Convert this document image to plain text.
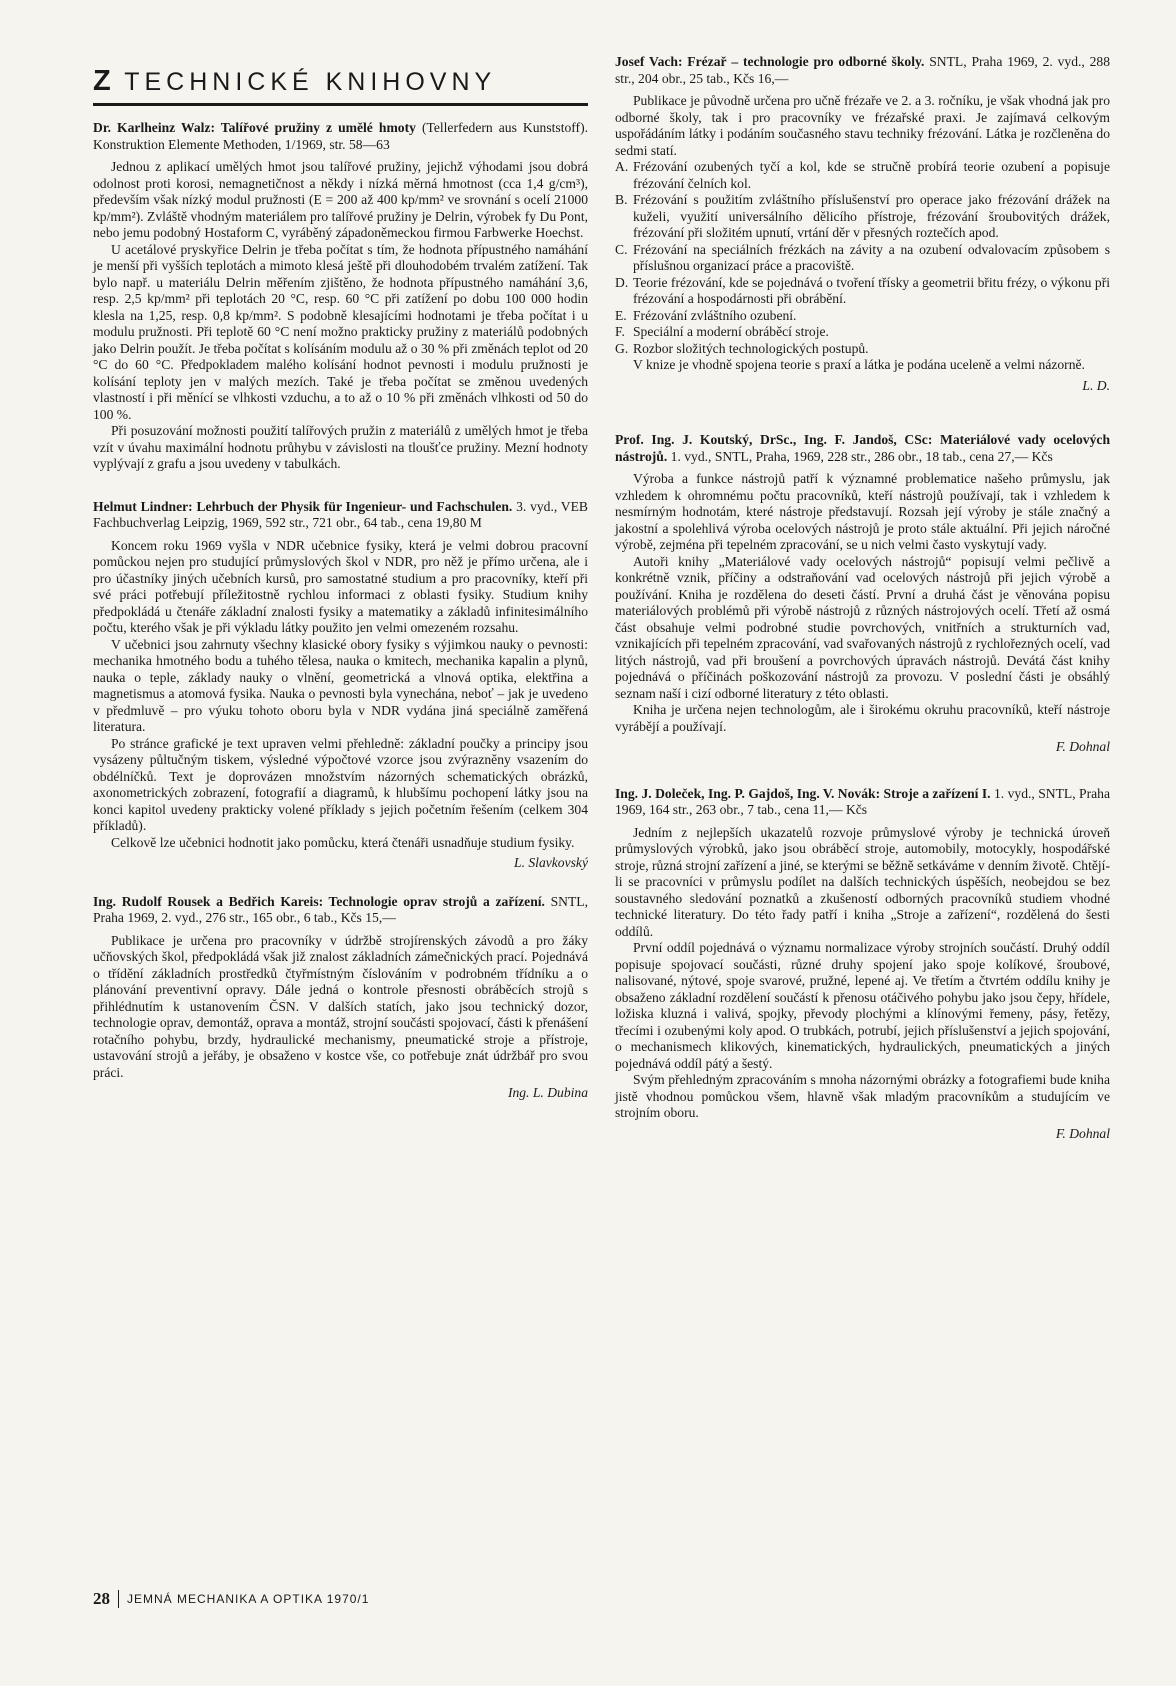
Z TECHNICKÉ KNIHOVNY
Dr. Karlheinz Walz: Talířové pružiny z umělé hmoty (Tellerfedern aus Kunststoff). Konstruktion Elemente Methoden, 1/1969, str. 58—63

Jednou z aplikací umělých hmot jsou talířové pružiny, jejichž výhodami jsou dobrá odolnost proti korosi, nemagnetičnost a někdy i nízká měrná hmotnost (cca 1,4 g/cm³), především však nízký modul pružnosti (E = 200 až 400 kp/mm² ve srovnání s ocelí 21000 kp/mm²). Zvláště vhodným materiálem pro talířové pružiny je Delrin, výrobek fy Du Pont, nebo jemu podobný Hostaform C, vyráběný západoněmeckou firmou Farbwerke Hoechst.

U acetálové pryskyřice Delrin je třeba počítat s tím, že hodnota přípustného namáhání je menší při vyšších teplotách a mimoto klesá ještě při dlouhodobém trvalém zatížení. Tak bylo např. u materiálu Delrin měřením zjištěno, že hodnota přípustného namáhání 3,6, resp. 2,5 kp/mm² při teplotách 20 °C, resp. 60 °C při zatížení po dobu 100 000 hodin klesla na 1,25, resp. 0,8 kp/mm². S podobně klesajícími hodnotami je třeba počítat i u modulu pružnosti. Při teplotě 60 °C není možno prakticky pružiny z materiálů podobných jako Delrin použít. Je třeba počítat s kolísáním modulu až o 30 % při změnách teplot od 20 °C do 60 °C. Předpokladem malého kolísání hodnot pevnosti i modulu pružnosti je kolísání teploty jen v malých mezích. Také je třeba počítat se změnou uvedených vlastností i při měnící se vlhkosti vzduchu, a to až o 10 % při změnách vlhkosti od 50 do 100 %.

Při posuzování možnosti použití talířových pružin z materiálů z umělých hmot je třeba vzít v úvahu maximální hodnotu průhybu v závislosti na tloušťce pružiny. Mezní hodnoty vyplývají z grafu a jsou uvedeny v tabulkách.

Helmut Lindner: Lehrbuch der Physik für Ingenieur- und Fachschulen. 3. vyd., VEB Fachbuchverlag Leipzig, 1969, 592 str., 721 obr., 64 tab., cena 19,80 M

Koncem roku 1969 vyšla v NDR učebnice fysiky, která je velmi dobrou pracovní pomůckou nejen pro studující průmyslových škol v NDR, pro něž je přímo určena, ale i pro účastníky jiných učebních kursů, pro samostatné studium a pro pracovníky, kteří při své práci potřebují příležitostně rychlou informaci z oblasti fysiky. Studium knihy předpokládá u čtenáře základní znalosti fysiky a matematiky a základů infinitesimálního počtu, kterého však je při výkladu látky použito jen velmi omezeném rozsahu.

V učebnici jsou zahrnuty všechny klasické obory fysiky s výjimkou nauky o pevnosti: mechanika hmotného bodu a tuhého tělesa, nauka o kmitech, mechanika kapalin a plynů, nauka o teple, základy nauky o vlnění, geometrická a vlnová optika, elektřina a magnetismus a atomová fysika. Nauka o pevnosti byla vynechána, neboť – jak je uvedeno v předmluvě – pro výuku tohoto oboru byla v NDR vydána jiná speciálně zaměřená literatura.

Po stránce grafické je text upraven velmi přehledně: základní poučky a principy jsou vysázeny půltučným tiskem, výsledné výpočtové vzorce jsou zvýrazněny vsazením do obdélníčků. Text je doprovázen množstvím názorných schematických obrázků, axonometrických zobrazení, fotografií a diagramů, k hlubšímu pochopení látky jsou na konci kapitol uvedeny prakticky volené příklady s jejich početním řešením (celkem 304 příkladů).

Celkově lze učebnici hodnotit jako pomůcku, která čtenáři usnadňuje studium fysiky.

L. Slavkovský
Ing. Rudolf Rousek a Bedřich Kareis: Technologie oprav strojů a zařízení. SNTL, Praha 1969, 2. vyd., 276 str., 165 obr., 6 tab., Kčs 15,—

Publikace je určena pro pracovníky v údržbě strojírenských závodů a pro žáky učňovských škol, předpokládá však již znalost základních zámečnických prací. Pojednává o třídění základních prostředků čtyřmístným číslováním v podrobném třídníku a o plánování preventivní opravy. Dále jedná o kontrole přesnosti obráběcích strojů s přihlédnutím k ustanovením ČSN. V dalších statích, jako jsou technický dozor, technologie oprav, demontáž, oprava a montáž, strojní součásti spojovací, části k přenášení rotačního pohybu, brzdy, hydraulické mechanismy, pneumatické stroje a přístroje, ustavování strojů a jeřáby, je obsaženo v kostce vše, co potřebuje znát údržbář pro svou práci.

Ing. L. Dubina
Josef Vach: Frézař – technologie pro odborné školy. SNTL, Praha 1969, 2. vyd., 288 str., 204 obr., 25 tab., Kčs 16,—

Publikace je původně určena pro učně frézaře ve 2. a 3. ročníku, je však vhodná jak pro odborné školy, tak i pro pracovníky ve frézařské praxi. Je zajímavá celkovým uspořádáním látky i podáním současného stavu techniky frézování. Látka je rozčleněna do sedmi statí.

A. Frézování ozubených tyčí a kol, kde se stručně probírá teorie ozubení a popisuje frézování čelních kol.
B. Frézování s použitím zvláštního příslušenství pro operace jako frézování drážek na kuželi, využití universálního dělicího přístroje, frézování šroubovitých drážek, frézování při složitém upnutí, vrtání děr v přesných roztečích apod.
C. Frézování na speciálních frézkách na závity a na ozubení odvalovacím způsobem s příslušnou organizací práce a pracoviště.
D. Teorie frézování, kde se pojednává o tvoření třísky a geometrii břitu frézy, o výkonu při frézování a hospodárnosti při obrábění.
E. Frézování zvláštního ozubení.
F. Speciální a moderní obráběcí stroje.
G. Rozbor složitých technologických postupů.

V knize je vhodně spojena teorie s praxí a látka je podána uceleně a velmi názorně.

L. D.
Prof. Ing. J. Koutský, DrSc., Ing. F. Jandoš, CSc: Materiálové vady ocelových nástrojů. 1. vyd., SNTL, Praha, 1969, 228 str., 286 obr., 18 tab., cena 27,— Kčs

Výroba a funkce nástrojů patří k významné problematice našeho průmyslu, jak vzhledem k ohromnému počtu pracovníků, kteří nástrojů používají, tak i vzhledem k nesmírným hodnotám, které nástroje představují. Rozsah její výroby je stále značný a jakostní a spolehlivá výroba ocelových nástrojů je proto stále aktuální. Při jejich náročné výrobě, zejména při tepelném zpracování, se u nich velmi často vyskytují vady.

Autoři knihy „Materiálové vady ocelových nástrojů“ popisují velmi pečlivě a konkrétně vznik, příčiny a odstraňování vad ocelových nástrojů při jejich výrobě a používání. Kniha je rozdělena do deseti částí. První a druhá část je věnována popisu materiálových problémů při výrobě nástrojů z různých nástrojových ocelí. Třetí až osmá část obsahuje velmi podrobné studie povrchových, vnitřních a strukturních vad, vznikajících při tepelném zpracování, vad svařovaných nástrojů z rychlořezných ocelí, vad litých nástrojů, vad při broušení a povrchových úpravách nástrojů. Devátá část knihy pojednává o příčinách poškozování nástrojů za provozu. V poslední části je obsáhlý seznam naší i cizí odborné literatury z této oblasti.

Kniha je určena nejen technologům, ale i širokému okruhu pracovníků, kteří nástroje vyrábějí a používají.

F. Dohnal
Ing. J. Doleček, Ing. P. Gajdoš, Ing. V. Novák: Stroje a zařízení I. 1. vyd., SNTL, Praha 1969, 164 str., 263 obr., 7 tab., cena 11,— Kčs

Jedním z nejlepších ukazatelů rozvoje průmyslové výroby je technická úroveň průmyslových výrobků, jako jsou obráběcí stroje, automobily, motocykly, hospodářské stroje, různá strojní zařízení a jiné, se kterými se běžně setkáváme v denním životě. Chtějí-li se pracovníci v průmyslu podílet na dalších technických úspěších, neobejdou se bez soustavného sledování poznatků a zkušeností odborných pracovníků studiem vhodné technické literatury. Do této řady patří i kniha „Stroje a zařízení“, rozdělená do šesti oddílů.

První oddíl pojednává o významu normalizace výroby strojních součástí. Druhý oddíl popisuje spojovací součásti, různé druhy spojení jako spoje kolíkové, šroubové, nalisované, nýtové, spoje svarové, pružné, lepené aj. Ve třetím a čtvrtém oddílu knihy je obsaženo základní rozdělení součástí k přenosu otáčivého pohybu jako jsou čepy, hřídele, ložiska kluzná i valivá, spojky, převody plochými a klínovými řemeny, pásy, řetězy, třecími i ozubenými koly apod. O trubkách, potrubí, jejich příslušenství a jejich spojování, o mechanismech klikových, kinematických, hydraulických, pneumatických a jiných pojednává oddíl pátý a šestý.

Svým přehledným zpracováním s mnoha názornými obrázky a fotografiemi bude kniha jistě vhodnou pomůckou všem, hlavně však mladým pracovníkům a studujícím ve strojním oboru.

F. Dohnal
28 JEMNÁ MECHANIKA A OPTIKA 1970/1
